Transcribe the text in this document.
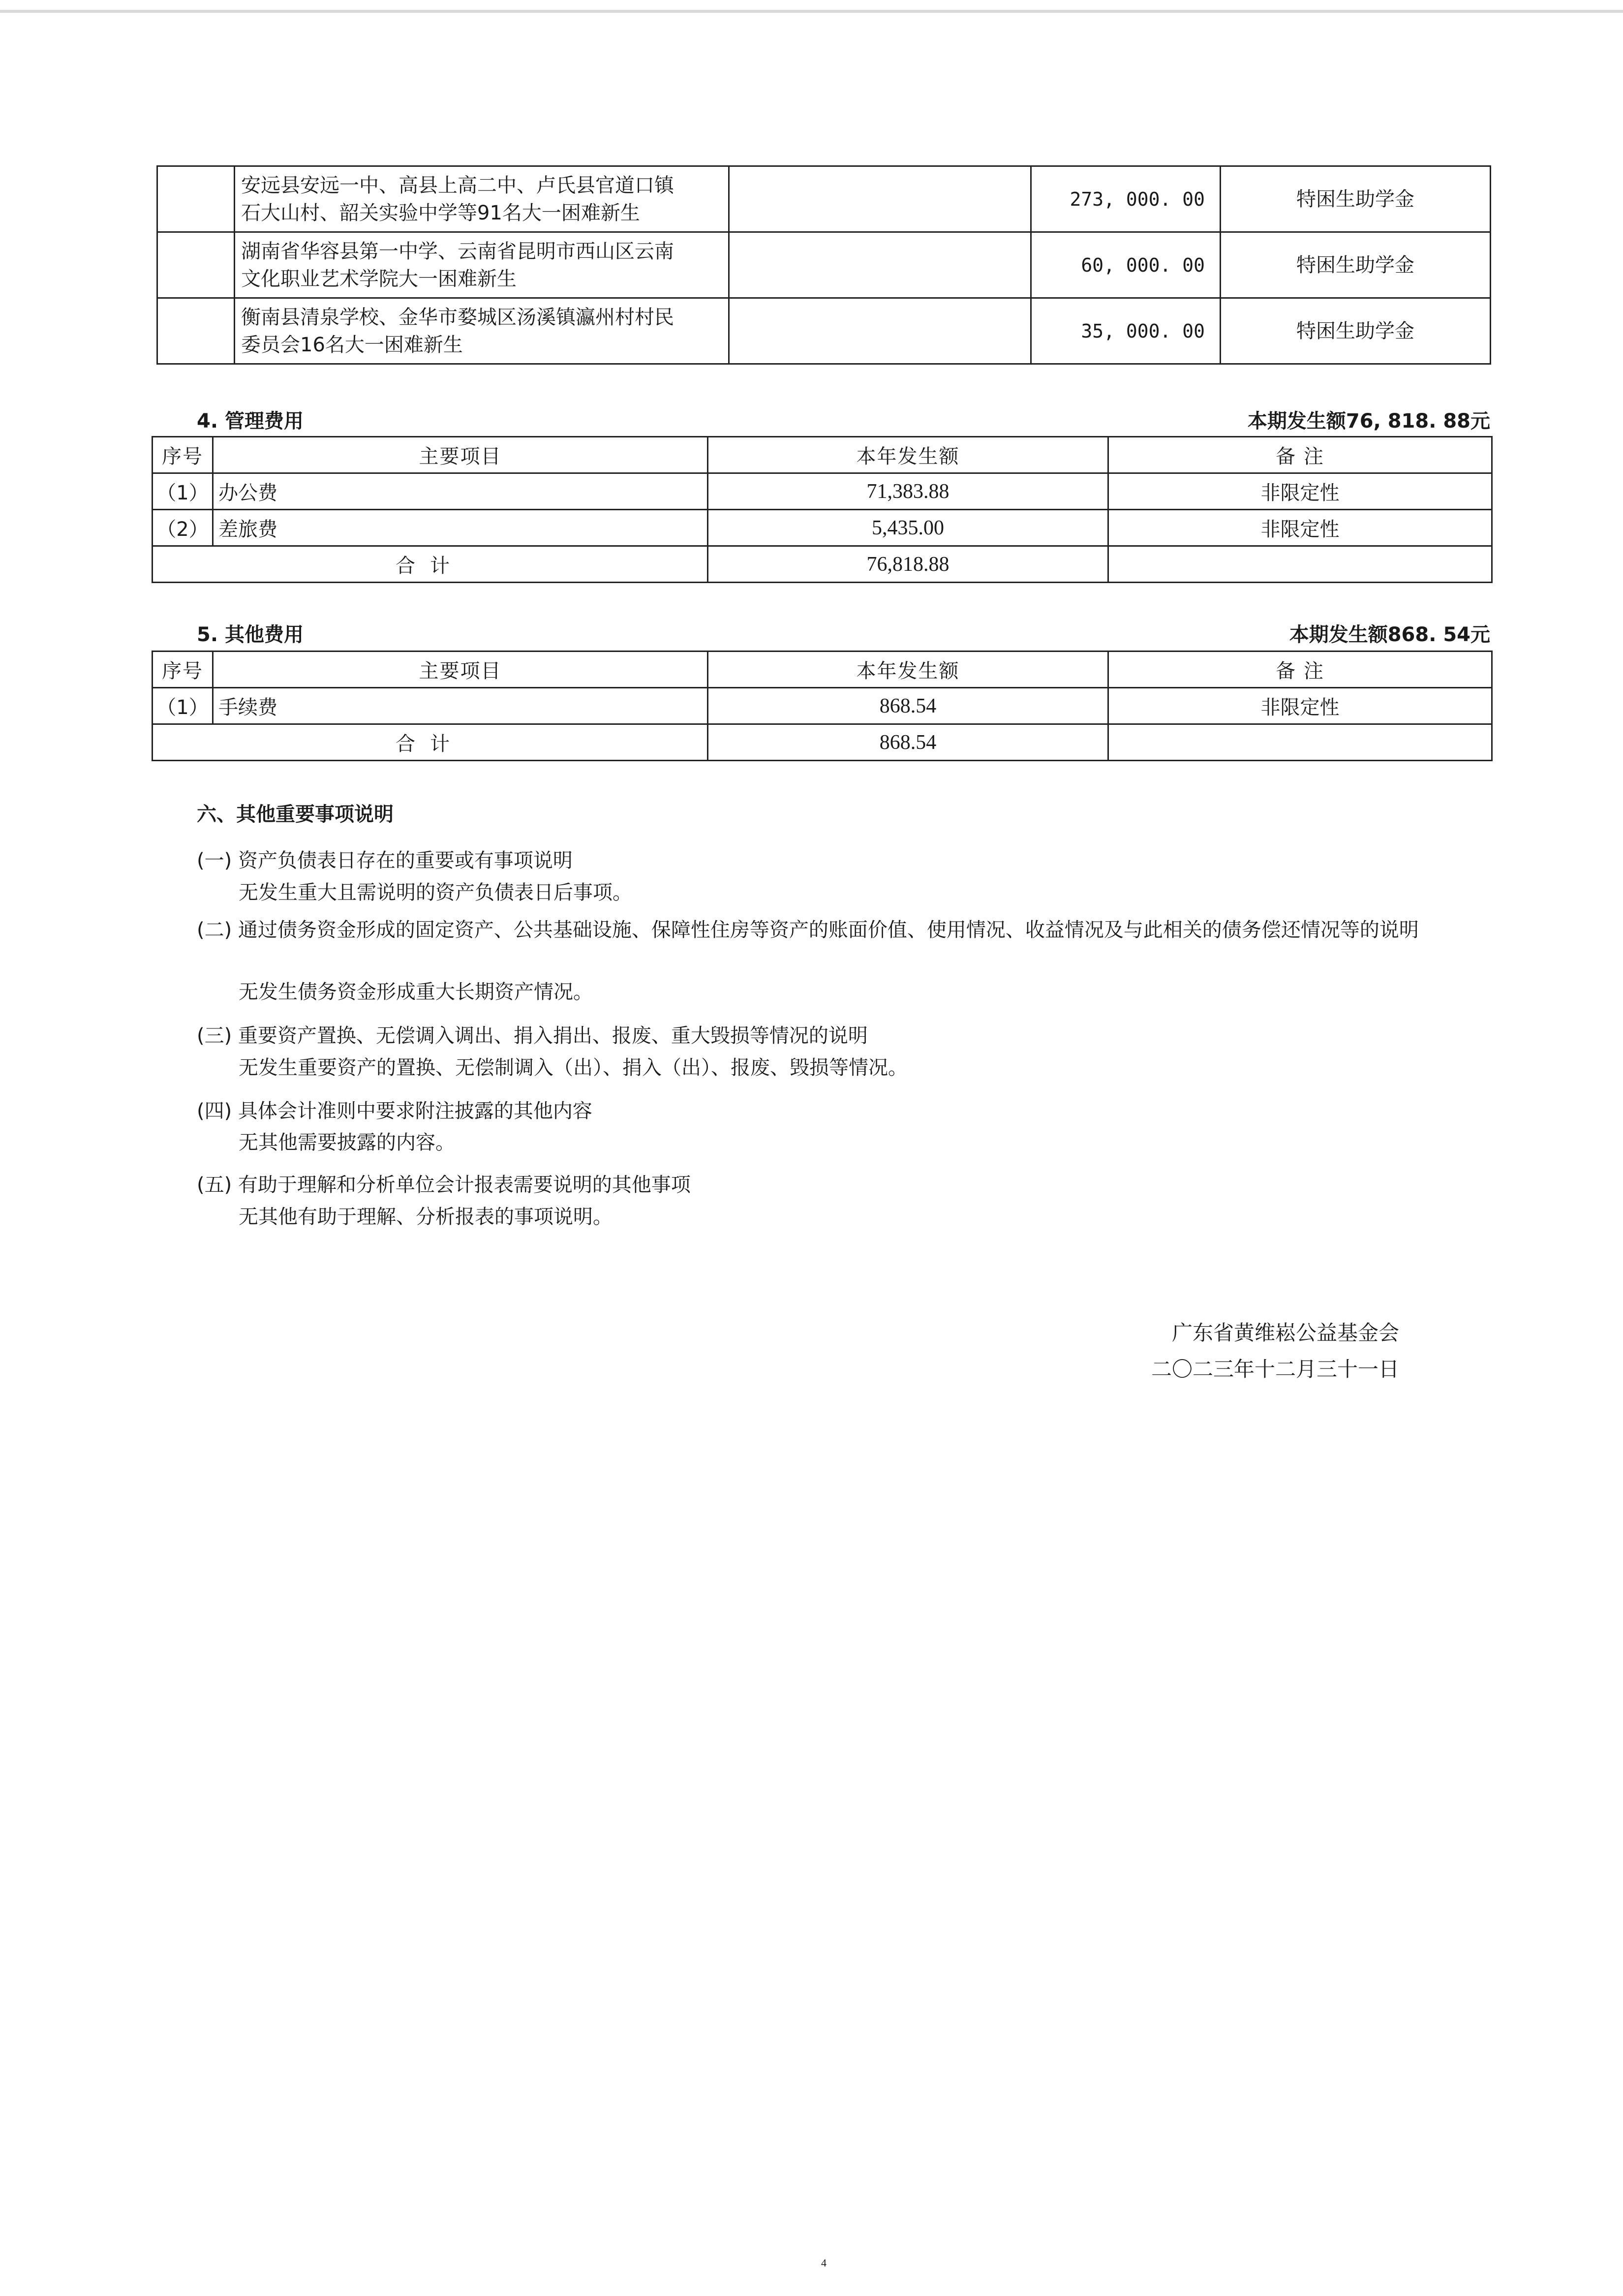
	安远县安远一中、高县上高二中、卢氏县官道口镇
石大山村、韶关实验中学等91名大一困难新生		273, 000. 00	特困生助学金

	湖南省华容县第一中学、云南省昆明市西山区云南
文化职业艺术学院大一困难新生		60, 000. 00	特困生助学金

	衡南县清泉学校、金华市婺城区汤溪镇瀛州村村民
委员会16名大一困难新生		35, 000. 00	特困生助学金
4. 管理费用	本期发生额76, 818. 88元
序号	主要项目	本年发生额	备 注
（1）	办公费	71,383.88	非限定性
（2）	差旅费	5,435.00	非限定性
合计		76,818.88	
5. 其他费用	本期发生额868. 54元
序号	主要项目	本年发生额	备 注
（1）	手续费	868.54	非限定性
合计		868.54	
六、其他重要事项说明
(一) 资产负债表日存在的重要或有事项说明
无发生重大且需说明的资产负债表日后事项。
(二) 通过债务资金形成的固定资产、公共基础设施、保障性住房等资产的账面价值、使用情况、收益情况及与此相关的债务偿还情况等的说明
无发生债务资金形成重大长期资产情况。
(三) 重要资产置换、无偿调入调出、捐入捐出、报废、重大毁损等情况的说明
无发生重要资产的置换、无偿制调入（出）、捐入（出）、报废、毁损等情况。
(四) 具体会计准则中要求附注披露的其他内容
无其他需要披露的内容。
(五) 有助于理解和分析单位会计报表需要说明的其他事项
无其他有助于理解、分析报表的事项说明。
广东省黄维崧公益基金会
二〇二三年十二月三十一日
4
